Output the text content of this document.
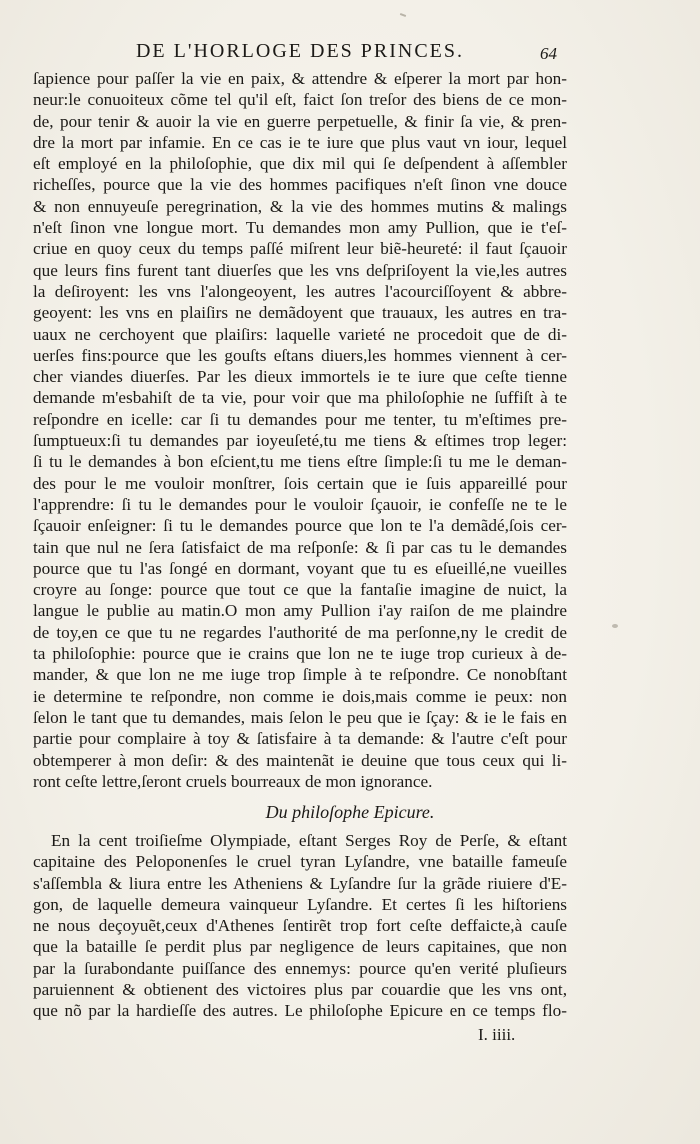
DE L'HORLOGE DES PRINCES.	64
ſapience pour paſſer la vie en paix, & attendre & eſperer la mort par hon-
neur:le conuoiteux cõme tel qu'il eſt, faict ſon treſor des biens de ce mon-
de, pour tenir & auoir la vie en guerre perpetuelle, & finir ſa vie, & pren-
dre la mort par infamie. En ce cas ie te iure que plus vaut vn iour, lequel
eſt employé en la philoſophie, que dix mil qui ſe deſpendent à aſſembler
richeſſes, pource que la vie des hommes pacifiques n'eſt ſinon vne douce
& non ennuyeuſe peregrination, & la vie des hommes mutins & malings
n'eſt ſinon vne longue mort. Tu demandes mon amy Pullion, que ie t'eſ-
criue en quoy ceux du temps paſſé miſrent leur biẽ-heureté: il faut ſçauoir
que leurs fins furent tant diuerſes que les vns deſpriſoyent la vie,les autres
la deſiroyent: les vns l'alongeoyent, les autres l'acourciſſoyent & abbre-
geoyent: les vns en plaiſirs ne demãdoyent que trauaux, les autres en tra-
uaux ne cerchoyent que plaiſirs: laquelle varieté ne procedoit que de di-
uerſes fins:pource que les gouſts eſtans diuers,les hommes viennent à cer-
cher viandes diuerſes. Par les dieux immortels ie te iure que ceſte tienne
demande m'esbahiſt de ta vie, pour voir que ma philoſophie ne ſuffiſt à te
reſpondre en icelle: car ſi tu demandes pour me tenter, tu m'eſtimes pre-
ſumptueux:ſi tu demandes par ioyeuſeté,tu me tiens & eſtimes trop leger:
ſi tu le demandes à bon eſcient,tu me tiens eſtre ſimple:ſi tu me le deman-
des pour le me vouloir monſtrer, ſois certain que ie ſuis appareillé pour
l'apprendre: ſi tu le demandes pour le vouloir ſçauoir, ie confeſſe ne te le
ſçauoir enſeigner: ſi tu le demandes pource que lon te l'a demãdé,ſois cer-
tain que nul ne ſera ſatisfaict de ma reſponſe: & ſi par cas tu le demandes
pource que tu l'as ſongé en dormant, voyant que tu es eſueillé,ne vueilles
croyre au ſonge: pource que tout ce que la fantaſie imagine de nuict, la
langue le publie au matin.O mon amy Pullion i'ay raiſon de me plaindre
de toy,en ce que tu ne regardes l'authorité de ma perſonne,ny le credit de
ta philoſophie: pource que ie crains que lon ne te iuge trop curieux à de-
mander, & que lon ne me iuge trop ſimple à te reſpondre. Ce nonobſtant
ie determine te reſpondre, non comme ie dois,mais comme ie peux: non
ſelon le tant que tu demandes, mais ſelon le peu que ie ſçay: & ie le fais en
partie pour complaire à toy & ſatisfaire à ta demande: & l'autre c'eſt pour
obtemperer à mon deſir: & des maintenãt ie deuine que tous ceux qui li-
ront ceſte lettre,ſeront cruels bourreaux de mon ignorance.
Du philoſophe Epicure.
En la cent troiſieſme Olympiade, eſtant Serges Roy de Perſe, & eſtant
capitaine des Peloponenſes le cruel tyran Lyſandre, vne bataille fameuſe
s'aſſembla & liura entre les Atheniens & Lyſandre ſur la grãde riuiere d'E-
gon, de laquelle demeura vainqueur Lyſandre. Et certes ſi les hiſtoriens
ne nous deçoyuẽt,ceux d'Athenes ſentirẽt trop fort ceſte deffaicte,à cauſe
que la bataille ſe perdit plus par negligence de leurs capitaines, que non
par la ſurabondante puiſſance des ennemys: pource qu'en verité pluſieurs
paruiennent & obtienent des victoires plus par couardie que les vns ont,
que nõ par la hardieſſe des autres. Le philoſophe Epicure en ce temps flo-
I. iiii.
